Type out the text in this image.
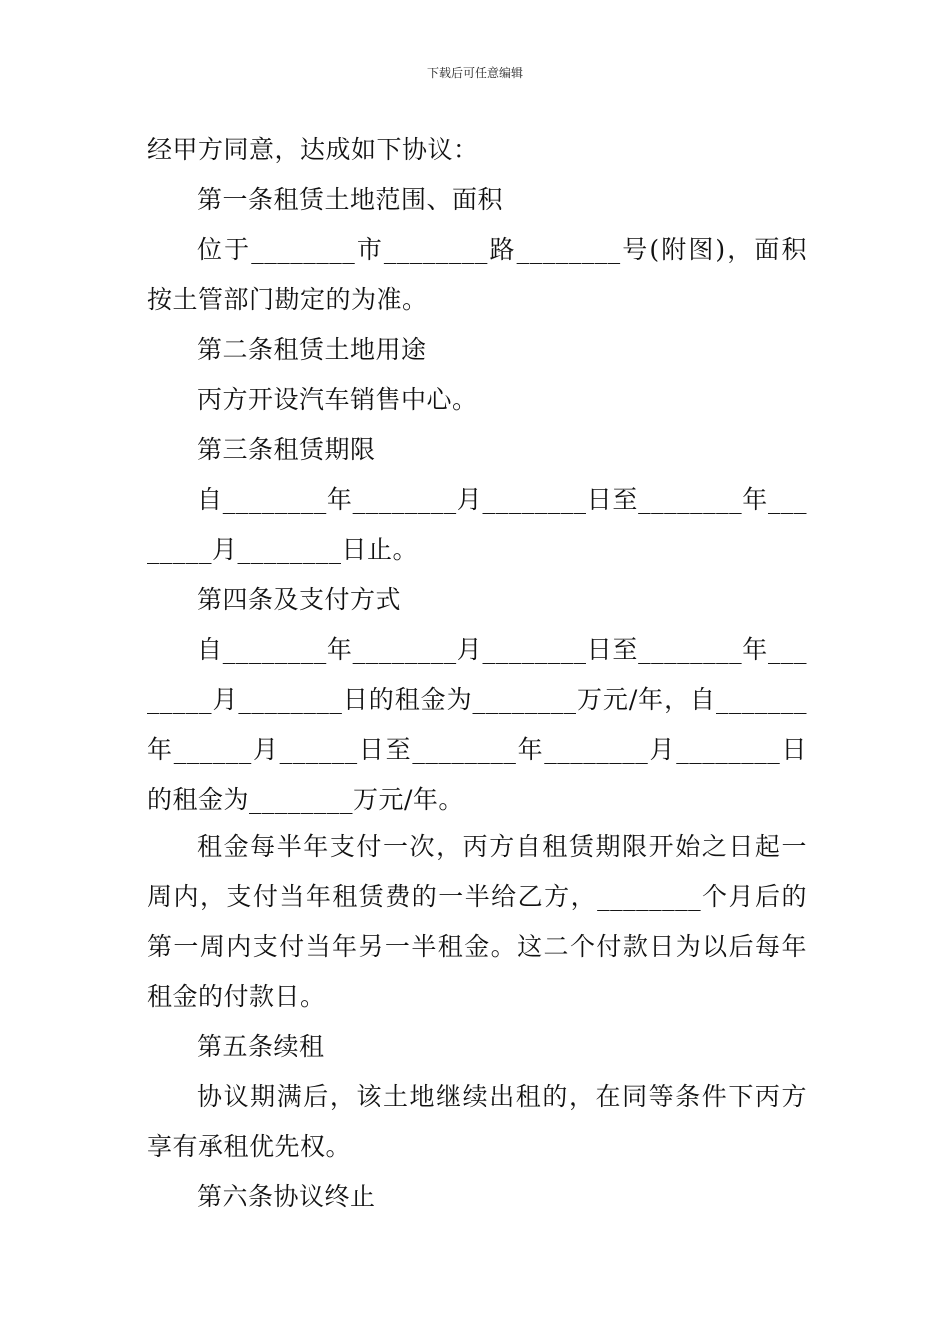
下载后可任意编辑
经甲方同意，达成如下协议：
第一条租赁土地范围、面积
位于________市________路________号(附图)，面积
按土管部门勘定的为准。
第二条租赁土地用途
丙方开设汽车销售中心。
第三条租赁期限
自________年________月________日至________年___
_____月________日止。
第四条及支付方式
自________年________月________日至________年___
_____月________日的租金为________万元/年，自_______
年______月______日至________年________月________日
的租金为________万元/年。
租金每半年支付一次，丙方自租赁期限开始之日起一
周内，支付当年租赁费的一半给乙方，________个月后的
第一周内支付当年另一半租金。这二个付款日为以后每年
租金的付款日。
第五条续租
协议期满后，该土地继续出租的，在同等条件下丙方
享有承租优先权。
第六条协议终止
